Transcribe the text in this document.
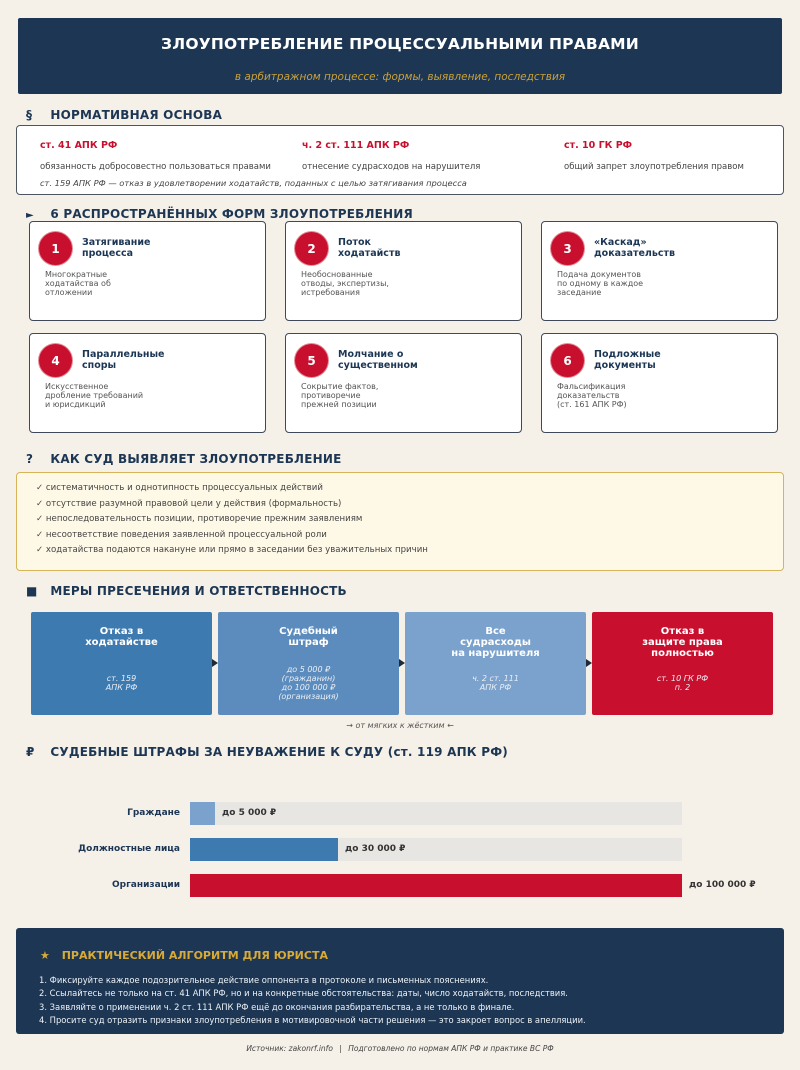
ЗЛОУПОТРЕБЛЕНИЕ ПРОЦЕССУАЛЬНЫМИ ПРАВАМИ
в арбитражном процессе: формы, выявление, последствия
§ НОРМАТИВНАЯ ОСНОВА
ст. 41 АПК РФ
обязанность добросовестно пользоваться правами
ч. 2 ст. 111 АПК РФ
отнесение судрасходов на нарушителя
ст. 10 ГК РФ
общий запрет злоупотребления правом
ст. 159 АПК РФ — отказ в удовлетворении ходатайств, поданных с целью затягивания процесса
► 6 РАСПРОСТРАНЁННЫХ ФОРМ ЗЛОУПОТРЕБЛЕНИЯ
1	Затягивание
процесса
Многократные
ходатайства об
отложении
2	Поток
ходатайств
Необоснованные
отводы, экспертизы,
истребования
3	«Каскад»
доказательств
Подача документов
по одному в каждое
заседание
4	Параллельные
споры
Искусственное
дробление требований
и юрисдикций
5	Молчание о
существенном
Сокрытие фактов,
противоречие
прежней позиции
6	Подложные
документы
Фальсификация
доказательств
(ст. 161 АПК РФ)
? КАК СУД ВЫЯВЛЯЕТ ЗЛОУПОТРЕБЛЕНИЕ
✓ систематичность и однотипность процессуальных действий
✓ отсутствие разумной правовой цели у действия (формальность)
✓ непоследовательность позиции, противоречие прежним заявлениям
✓ несоответствие поведения заявленной процессуальной роли
✓ ходатайства подаются накануне или прямо в заседании без уважительных причин
■ МЕРЫ ПРЕСЕЧЕНИЯ И ОТВЕТСТВЕННОСТЬ
Отказ в
ходатайстве
ст. 159
АПК РФ
Судебный
штраф
до 5 000 ₽
(гражданин)
до 100 000 ₽
(организация)
Все
судрасходы
на нарушителя
ч. 2 ст. 111
АПК РФ
Отказ в
защите права
полностью
ст. 10 ГК РФ
п. 2
→ от мягких к жёстким ←
₽ СУДЕБНЫЕ ШТРАФЫ ЗА НЕУВАЖЕНИЕ К СУДУ (ст. 119 АПК РФ)
Граждане	до 5 000 ₽
Должностные лица	до 30 000 ₽
Организации	до 100 000 ₽
★ ПРАКТИЧЕСКИЙ АЛГОРИТМ ДЛЯ ЮРИСТА
1. Фиксируйте каждое подозрительное действие оппонента в протоколе и письменных пояснениях.
2. Ссылайтесь не только на ст. 41 АПК РФ, но и на конкретные обстоятельства: даты, число ходатайств, последствия.
3. Заявляйте о применении ч. 2 ст. 111 АПК РФ ещё до окончания разбирательства, а не только в финале.
4. Просите суд отразить признаки злоупотребления в мотивировочной части решения — это закроет вопрос в апелляции.
Источник: zakonrf.info | Подготовлено по нормам АПК РФ и практике ВС РФ
